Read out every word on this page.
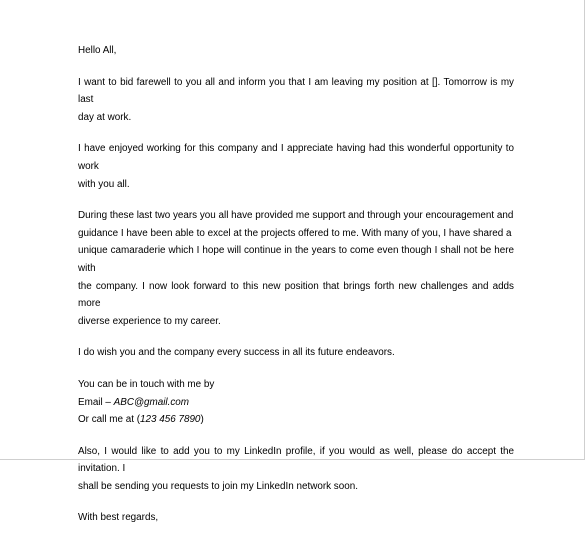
Hello All,

I want to bid farewell to you all and inform you that I am leaving my position at []. Tomorrow is my last
day at work.

I have enjoyed working for this company and I appreciate having had this wonderful opportunity to work
with you all.

During these last two years you all have provided me support and through your encouragement and
guidance I have been able to excel at the projects offered to me. With many of you, I have shared a
unique camaraderie which I hope will continue in the years to come even though I shall not be here with
the company. I now look forward to this new position that brings forth new challenges and adds more
diverse experience to my career.

I do wish you and the company every success in all its future endeavors.

You can be in touch with me by
Email – ABC@gmail.com
Or call me at (123 456 7890)

Also, I would like to add you to my LinkedIn profile, if you would as well, please do accept the invitation. I
shall be sending you requests to join my LinkedIn network soon.

With best regards,
